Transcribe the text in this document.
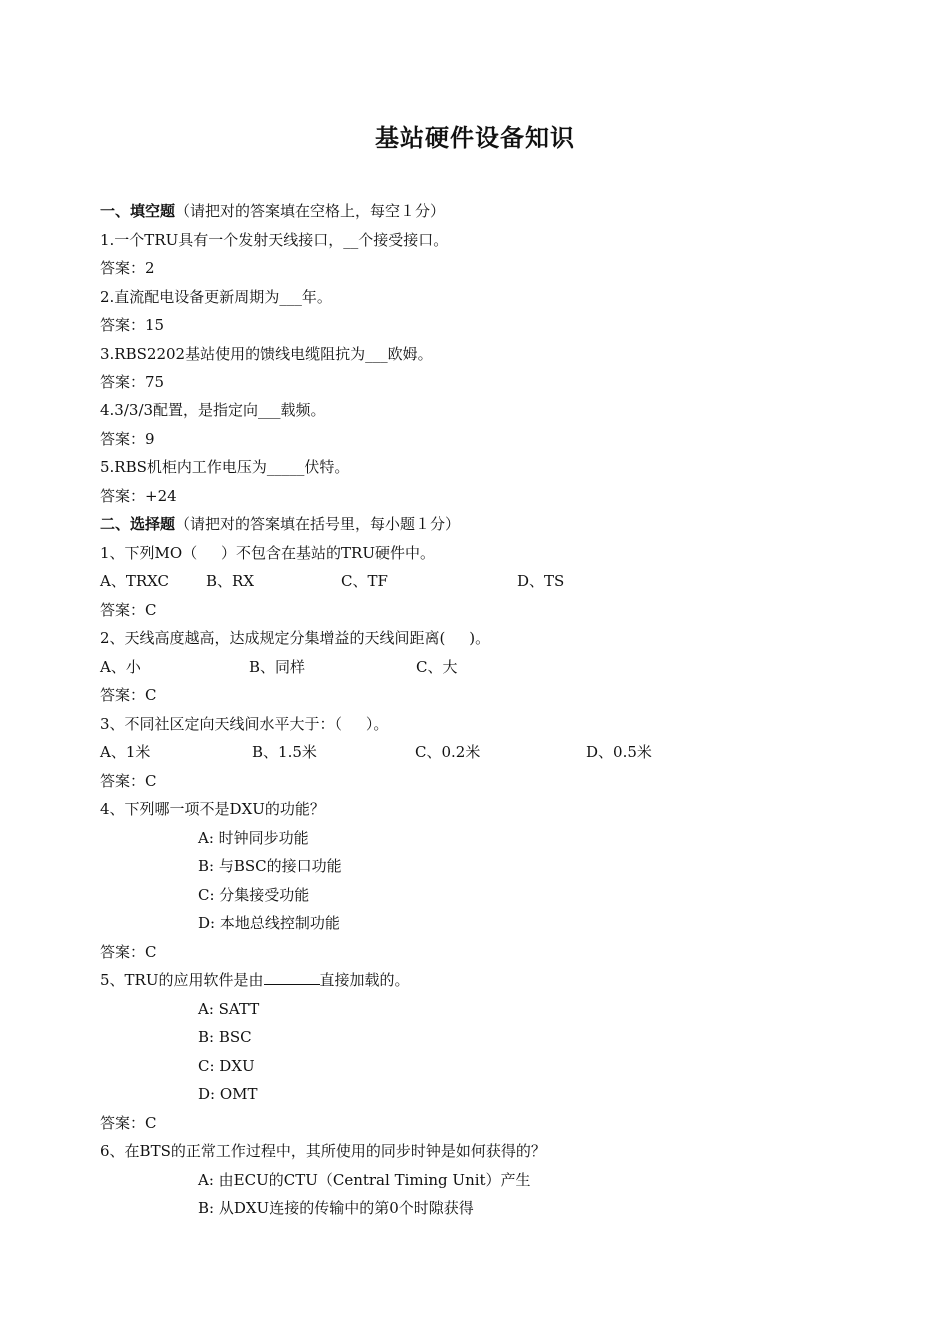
基站硬件设备知识
一、填空题（请把对的答案填在空格上，每空１分）
1.一个TRU具有一个发射天线接口，__个接受接口。
答案：2
2.直流配电设备更新周期为___年。
答案：15
3.RBS2202基站使用的馈线电缆阻抗为___欧姆。
答案：75
4.3/3/3配置，是指定向___载频。
答案：9
5.RBS机柜内工作电压为_____伏特。
答案：+24
二、选择题（请把对的答案填在括号里，每小题１分）
1、下列MO（     ）不包含在基站的TRU硬件中。
A、TRXC B、RX	C、TF	D、TS
答案：C
2、天线高度越高，达成规定分集增益的天线间距离(     )。
A、小	B、同样	C、大
答案：C
3、不同社区定向天线间水平大于：（     ）。
A、1米	B、1.5米	C、0.2米	D、0.5米
答案：C
4、下列哪一项不是DXU的功能？
A: 时钟同步功能
B: 与BSC的接口功能
C: 分集接受功能
D: 本地总线控制功能
答案：C
5、TRU的应用软件是由	直接加载的。
A: SATT
B: BSC
C: DXU
D: OMT
答案：C
6、在BTS的正常工作过程中，其所使用的同步时钟是如何获得的？
A: 由ECU的CTU（Central Timing Unit）产生
B: 从DXU连接的传输中的第0个时隙获得
